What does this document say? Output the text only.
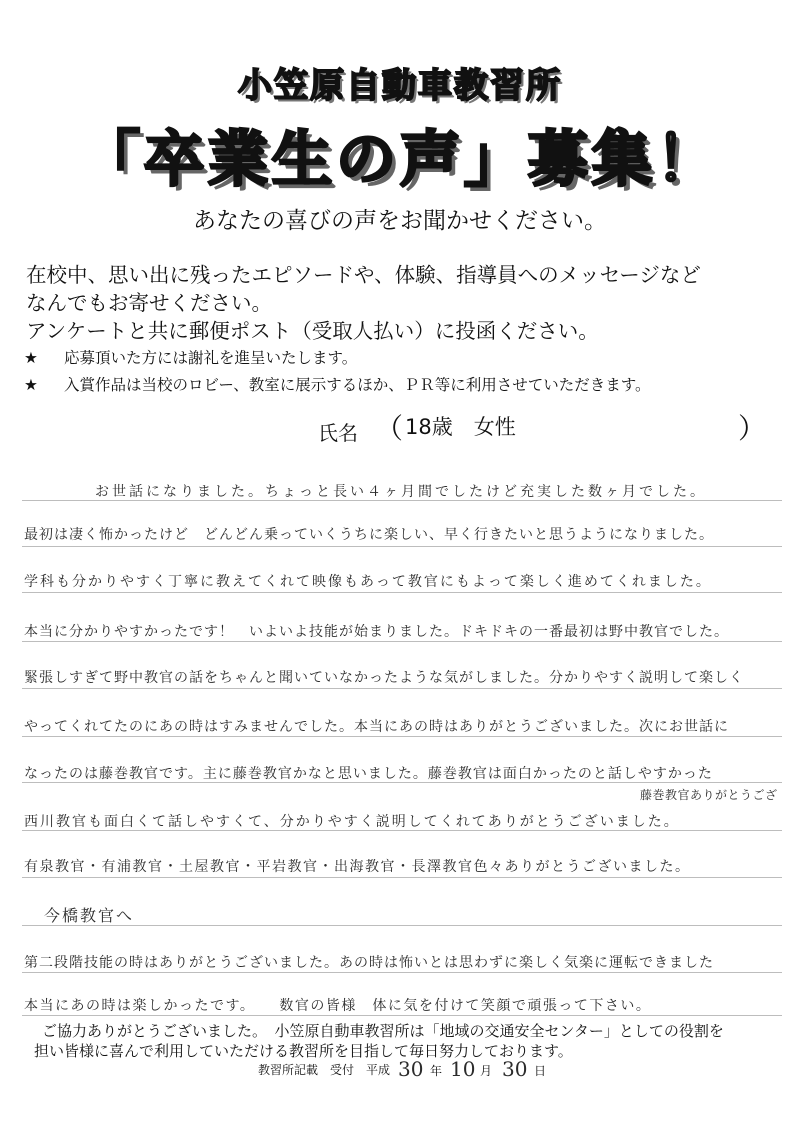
小笠原自動車教習所
「卒業生の声」募集！
あなたの喜びの声をお聞かせください。
在校中、思い出に残ったエピソードや、体験、指導員へのメッセージなど
なんでもお寄せください。
アンケートと共に郵便ポスト（受取人払い）に投函ください。
★ 応募頂いた方には謝礼を進呈いたします。
★ 入賞作品は当校のロビー、教室に展示するほか、ＰＲ等に利用させていただきます。
氏名 （ 18歳　女性	）
お世話になりました。ちょっと長い４ヶ月間でしたけど充実した数ヶ月でした。
最初は凄く怖かったけど　どんどん乗っていくうちに楽しい、早く行きたいと思うようになりました。
学科も分かりやすく丁寧に教えてくれて映像もあって教官にもよって楽しく進めてくれました。
本当に分かりやすかったです！　いよいよ技能が始まりました。ドキドキの一番最初は野中教官でした。
緊張しすぎて野中教官の話をちゃんと聞いていなかったような気がしました。分かりやすく説明して楽しく
やってくれてたのにあの時はすみませんでした。本当にあの時はありがとうございました。次にお世話に
なったのは藤巻教官です。主に藤巻教官かなと思いました。藤巻教官は面白かったのと話しやすかった
藤巻教官ありがとうござ
西川教官も面白くて話しやすくて、分かりやすく説明してくれてありがとうございました。
有泉教官・有浦教官・土屋教官・平岩教官・出海教官・長澤教官色々ありがとうございました。
今橋教官へ
第二段階技能の時はありがとうございました。あの時は怖いとは思わずに楽しく気楽に運転できました
本当にあの時は楽しかったです。　　数官の皆様　体に気を付けて笑顔で頑張って下さい。
ご協力ありがとうございました。　小笠原自動車教習所は「地域の交通安全センター」としての役割を
担い皆様に喜んで利用していただける教習所を目指して毎日努力しております。
教習所記載　受付　平成 30 年 10 月 30 日
